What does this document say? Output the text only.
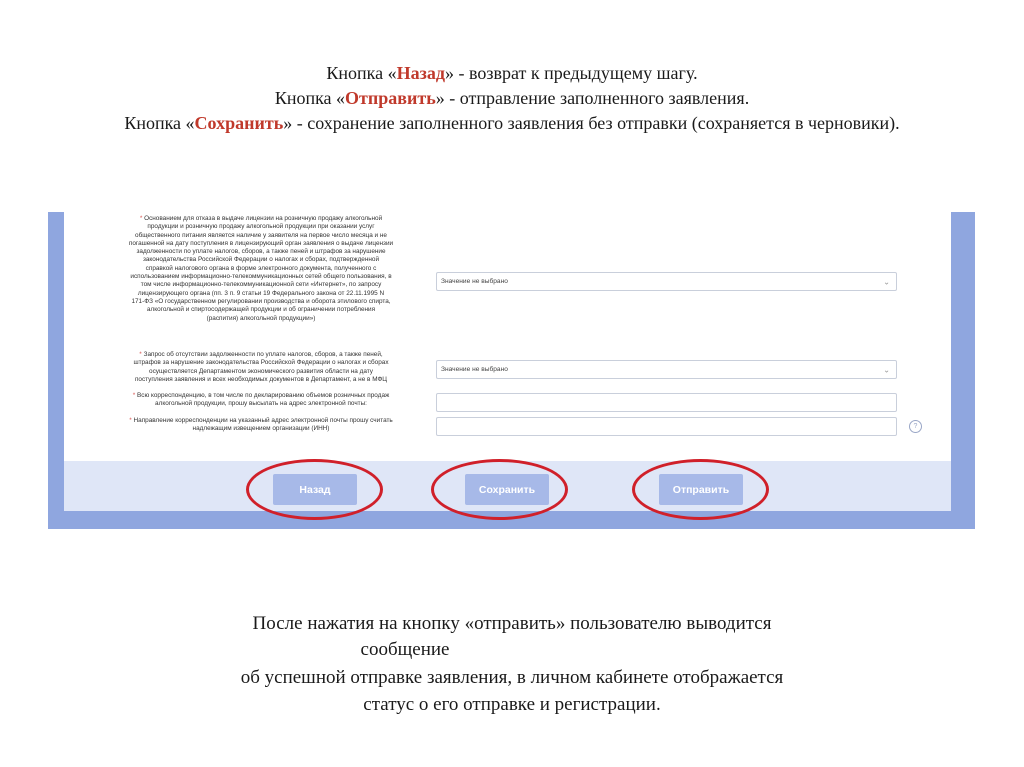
Кнопка «Назад» - возврат к предыдущему шагу.
Кнопка «Отправить» - отправление заполненного заявления.
Кнопка «Сохранить» - сохранение заполненного заявления без отправки (сохраняется в черновики).
* Основанием для отказа в выдаче лицензии на розничную продажу алкогольной
продукции и розничную продажу алкогольной продукции при оказании услуг
общественного питания является наличие у заявителя на первое число месяца и не
погашенной на дату поступления в лицензирующий орган заявления о выдаче лицензии
задолженности по уплате налогов, сборов, а также пеней и штрафов за нарушение
законодательства Российской Федерации о налогах и сборах, подтвержденной
справкой налогового органа в форме электронного документа, полученного с
использованием информационно-телекоммуникационных сетей общего пользования, в
том числе информационно-телекоммуникационной сети «Интернет», по запросу
лицензирующего органа (пп. 3 п. 9 статьи 19 Федерального закона от 22.11.1995 N
171-ФЗ «О государственном регулировании производства и оборота этилового спирта,
алкогольной и спиртосодержащей продукции и об ограничении потребления
(распития) алкогольной продукции»)
Значение не выбрано	⌄
* Запрос об отсутствии задолженности по уплате налогов, сборов, а также пеней,
штрафов за нарушение законодательства Российской Федерации о налогах и сборах
осуществляется Департаментом экономического развития области на дату
поступления заявления и всех необходимых документов в Департамент, а не в МФЦ
Значение не выбрано	⌄
* Всю корреспонденцию, в том числе по декларированию объемов розничных продаж
алкогольной продукции, прошу высылать на адрес электронной почты:
* Направление корреспонденции на указанный адрес электронной почты прошу считать
надлежащим извещением организации (ИНН)	?
Назад	Сохранить	Отправить
После нажатия на кнопку «отправить» пользователю выводится
сообщение
об успешной отправке заявления, в личном кабинете отображается
статус о его отправке и регистрации.
